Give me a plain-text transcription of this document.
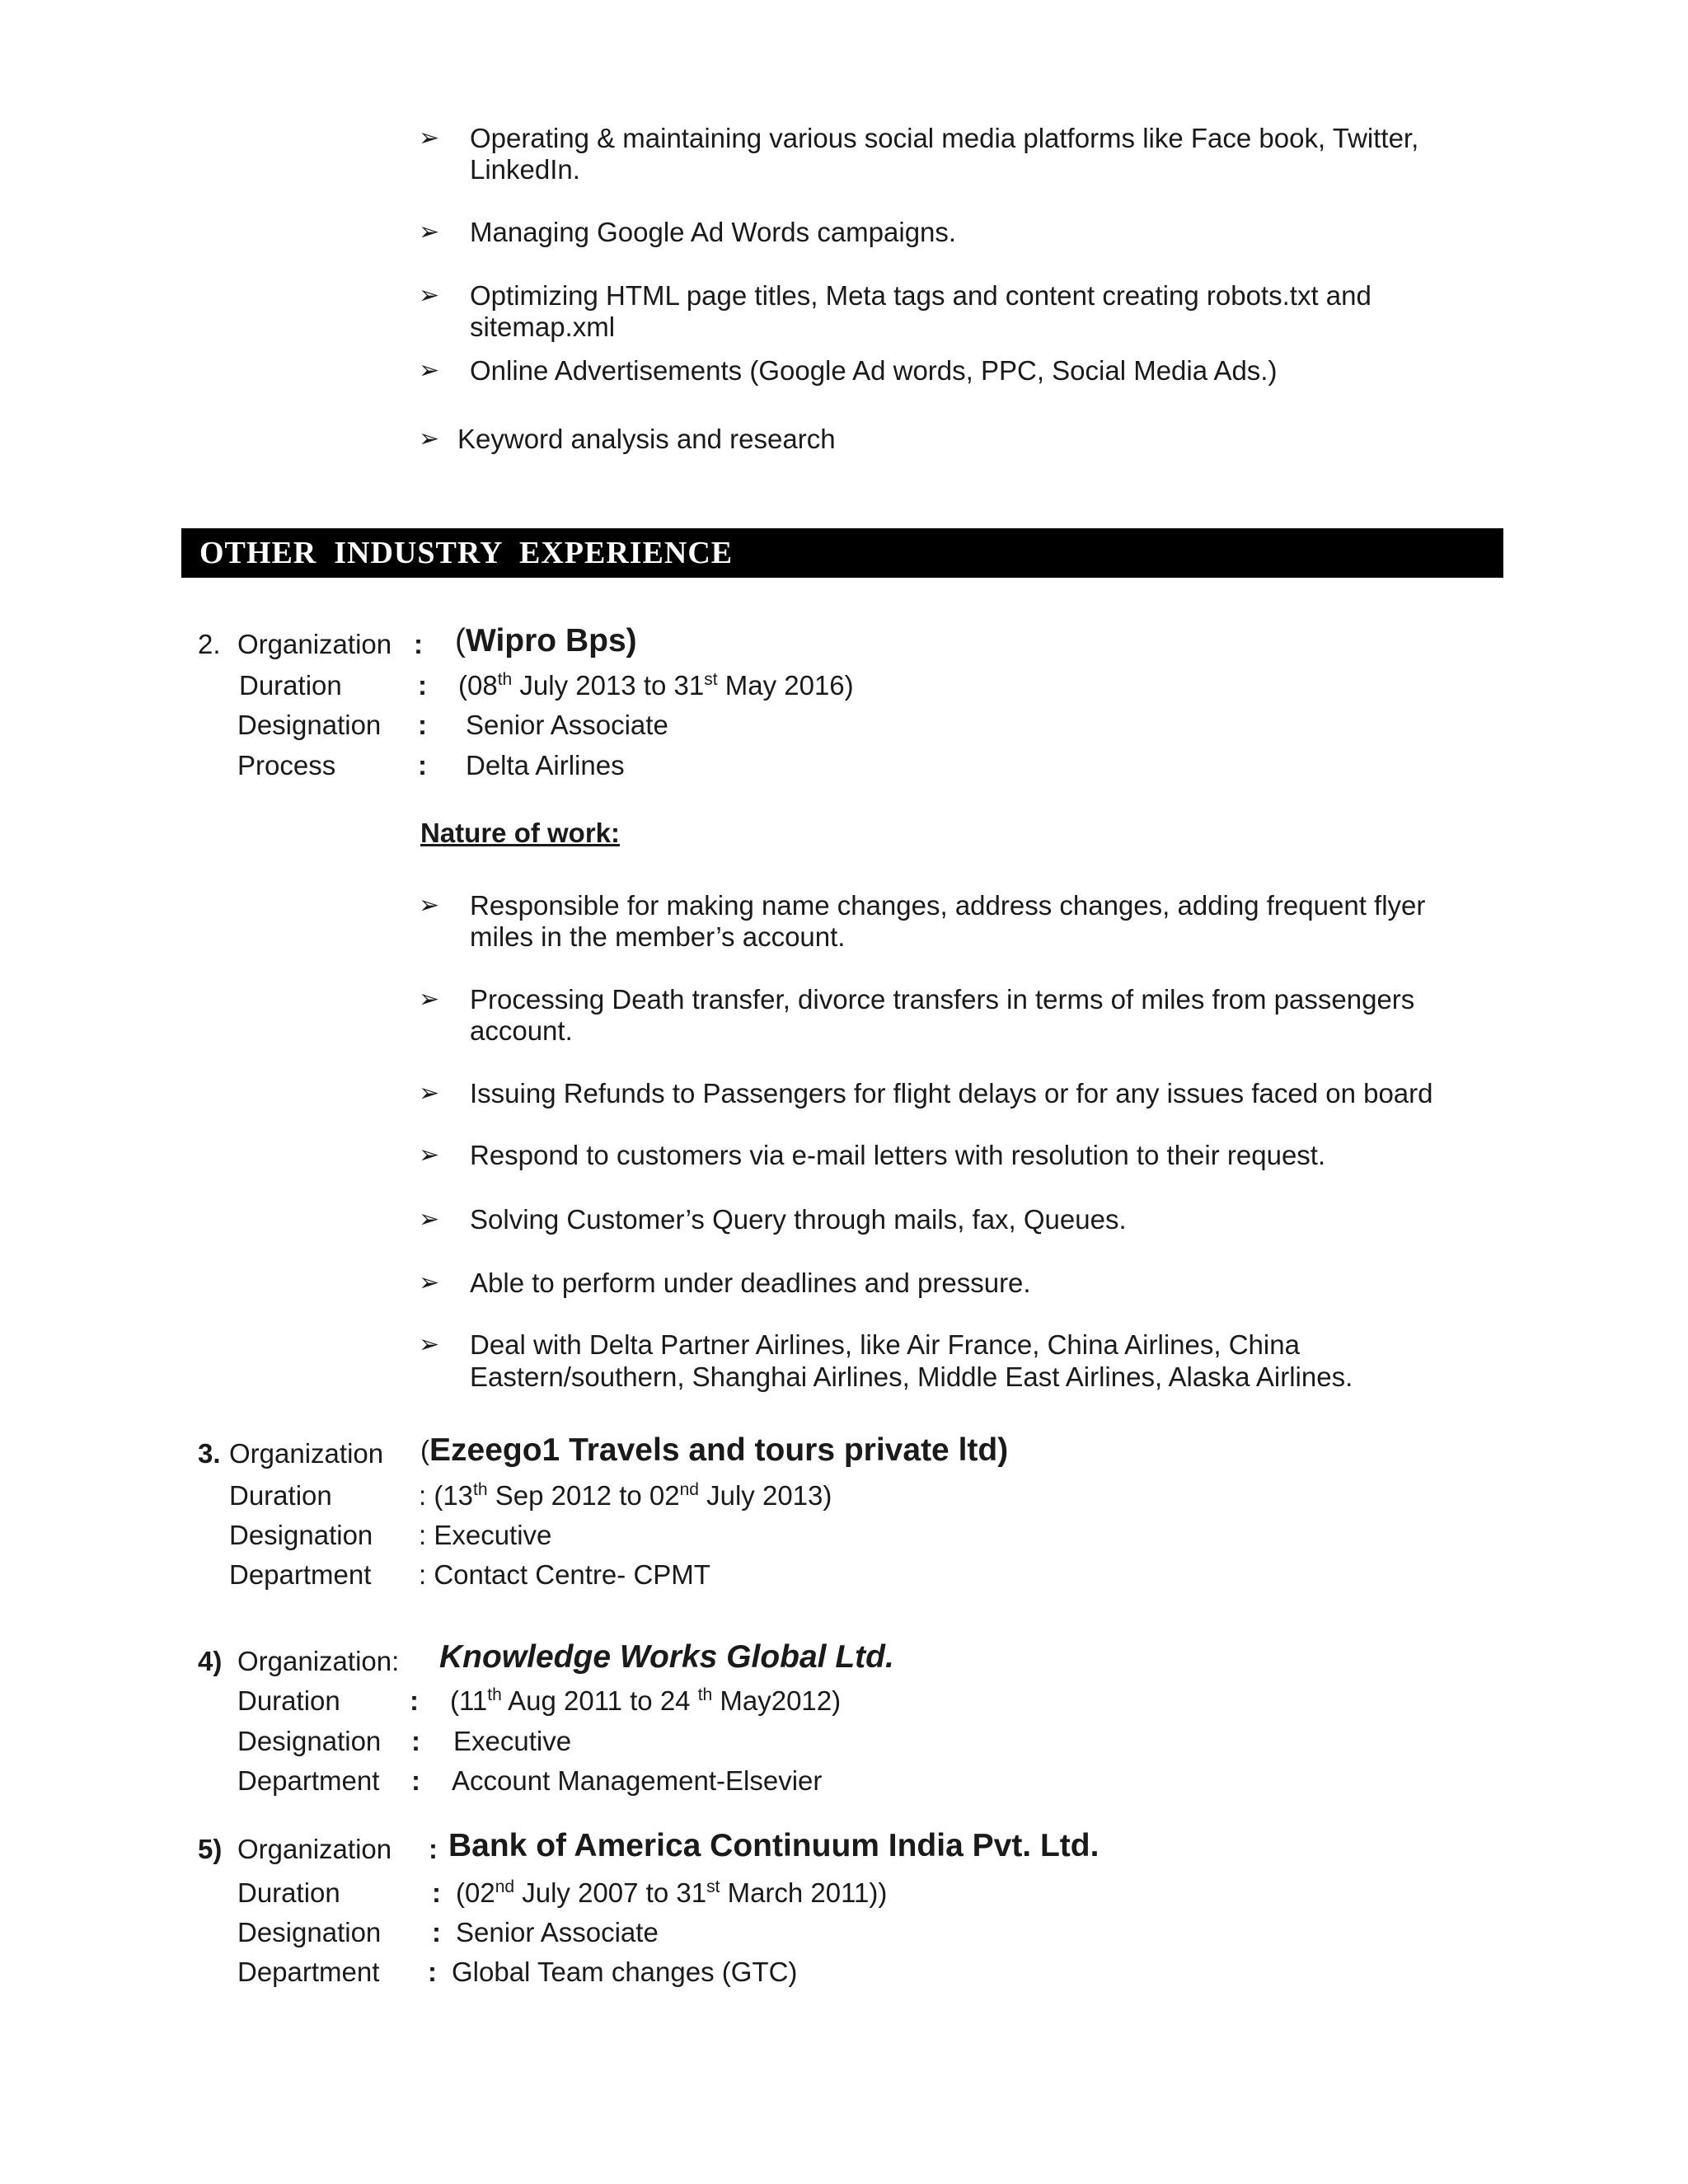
➢ Operating & maintaining various social media platforms like Face book, Twitter,
LinkedIn.
➢ Managing Google Ad Words campaigns.
➢ Optimizing HTML page titles, Meta tags and content creating robots.txt and
sitemap.xml
➢ Online Advertisements (Google Ad words, PPC, Social Media Ads.)
➢ Keyword analysis and research
OTHER  INDUSTRY  EXPERIENCE
2. Organization : ( Wipro Bps)
Duration	: (08th July 2013 to 31st May 2016)
Designation : Senior Associate
Process	: Delta Airlines
Nature of work:
➢ Responsible for making name changes, address changes, adding frequent flyer
miles in the member’s account.
➢ Processing Death transfer, divorce transfers in terms of miles from passengers
account.
➢ Issuing Refunds to Passengers for flight delays or for any issues faced on board
➢ Respond to customers via e-mail letters with resolution to their request.
➢ Solving Customer’s Query through mails, fax, Queues.
➢ Able to perform under deadlines and pressure.
➢ Deal with Delta Partner Airlines, like Air France, China Airlines, China
Eastern/southern, Shanghai Airlines, Middle East Airlines, Alaska Airlines.
3. Organization ( Ezeego1 Travels and tours private ltd)
Duration	: (13th Sep 2012 to 02nd July 2013)
Designation : Executive
Department : Contact Centre- CPMT
4) Organization: Knowledge Works Global Ltd.
Duration	: (11th Aug 2011 to 24 $^{th}$ May2012)
Designation : Executive
Department : Account Management-Elsevier
5) Organization : Bank of America Continuum India Pvt. Ltd.
Duration	: (02nd July 2007 to 31st March 2011))
Designation : Senior Associate
Department : Global Team changes (GTC)
